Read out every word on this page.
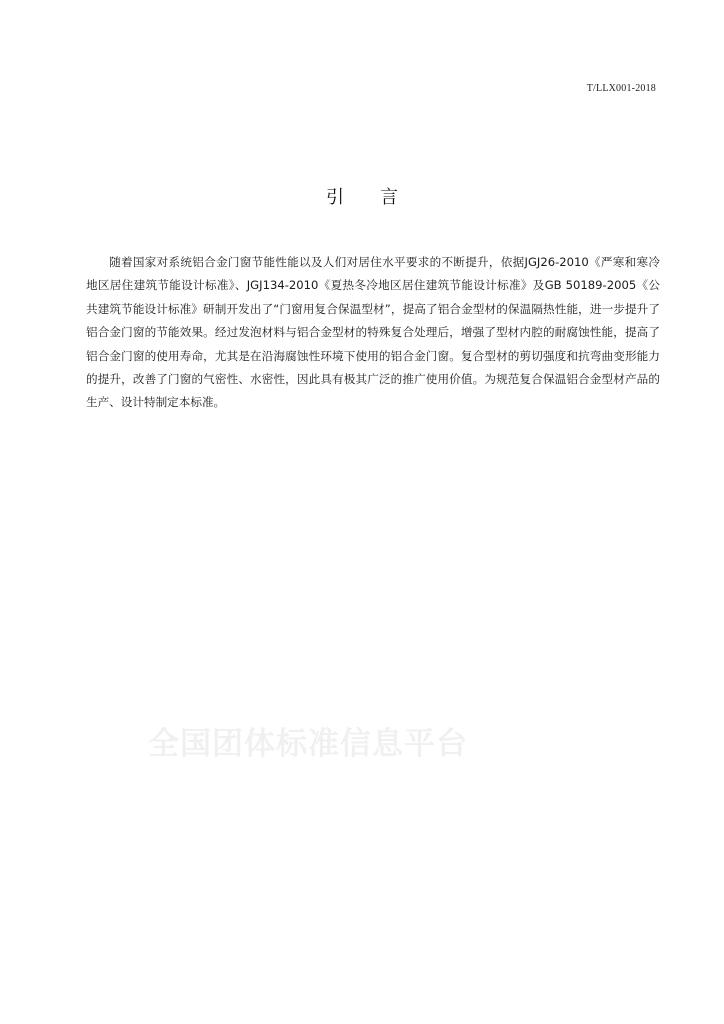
T/LLX001-2018
引言

随着国家对系统铝合金门窗节能性能以及人们对居住水平要求的不断提升，依据JGJ26-2010《严寒和寒冷地区居住建筑节能设计标准》、JGJ134-2010《夏热冬冷地区居住建筑节能设计标准》及GB 50189-2005《公共建筑节能设计标准》研制开发出了“门窗用复合保温型材”，提高了铝合金型材的保温隔热性能，进一步提升了铝合金门窗的节能效果。经过发泡材料与铝合金型材的特殊复合处理后，增强了型材内腔的耐腐蚀性能，提高了铝合金门窗的使用寿命，尤其是在沿海腐蚀性环境下使用的铝合金门窗。复合型材的剪切强度和抗弯曲变形能力的提升，改善了门窗的气密性、水密性，因此具有极其广泛的推广使用价值。为规范复合保温铝合金型材产品的生产、设计特制定本标准。

全国团体标准信息平台
